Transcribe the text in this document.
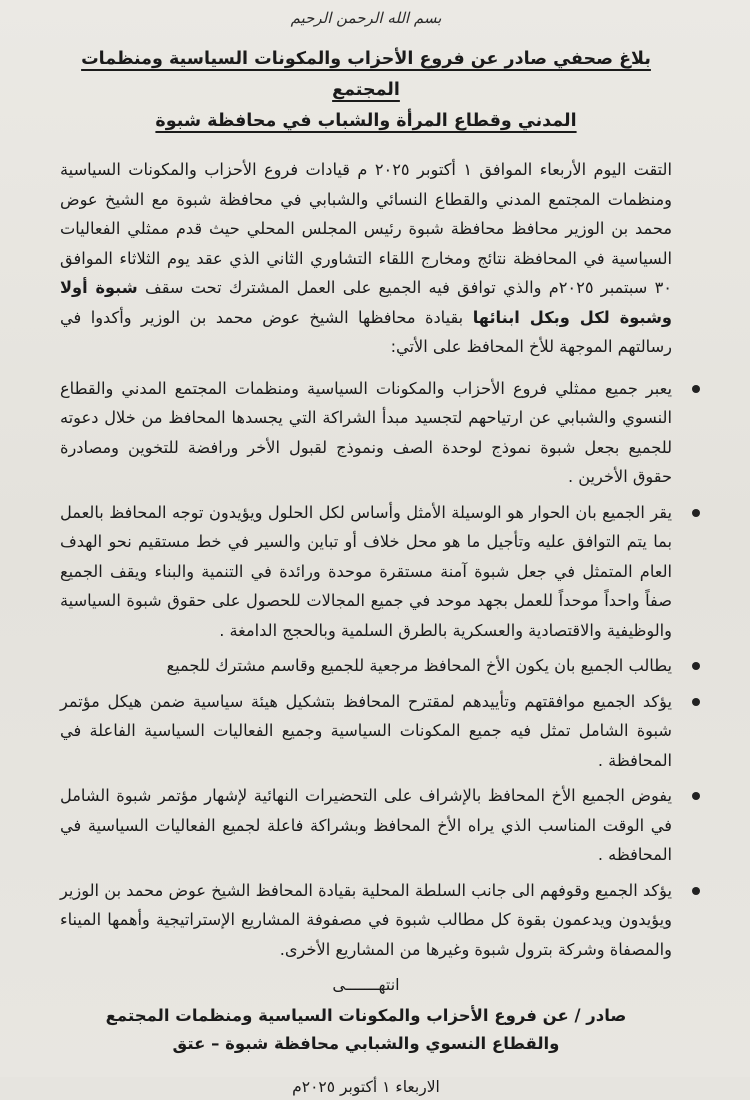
بسم الله الرحمن الرحيم
بلاغ صحفي صادر عن فروع الأحزاب والمكونات السياسية ومنظمات المجتمع
المدني وقطاع المرأة والشباب في محافظة شبوة

التقت اليوم الأربعاء الموافق ١ أكتوبر ٢٠٢٥ م قيادات فروع الأحزاب والمكونات السياسية ومنظمات المجتمع المدني والقطاع النسائي والشبابي في محافظة شبوة مع الشيخ عوض محمد بن الوزير محافظ محافظة شبوة رئيس المجلس المحلي حيث قدم ممثلي الفعاليات السياسية في المحافظة نتائج ومخارج اللقاء التشاوري الثاني الذي عقد يوم الثلاثاء الموافق ٣٠ سبتمبر ٢٠٢٥م والذي توافق فيه الجميع على العمل المشترك تحت سقف شبوة أولا وشبوة لكل وبكل ابنائها بقيادة محافظها الشيخ عوض محمد بن الوزير وأكدوا في رسالتهم الموجهة للأخ المحافظ على الأتي:

يعبر جميع ممثلي فروع الأحزاب والمكونات السياسية ومنظمات المجتمع المدني والقطاع النسوي والشبابي عن ارتياحهم لتجسيد مبدأ الشراكة التي يجسدها المحافظ من خلال دعوته للجميع بجعل شبوة نموذج لوحدة الصف ونموذج لقبول الأخر ورافضة للتخوين ومصادرة حقوق الأخرين .
يقر الجميع بان الحوار هو الوسيلة الأمثل وأساس لكل الحلول ويؤيدون توجه المحافظ بالعمل بما يتم التوافق عليه وتأجيل ما هو محل خلاف أو تباين والسير في خط مستقيم نحو الهدف العام المتمثل في جعل شبوة آمنة مستقرة موحدة ورائدة في التنمية والبناء ويقف الجميع صفاً واحداً موحداً للعمل بجهد موحد في جميع المجالات للحصول على حقوق شبوة السياسية والوظيفية والاقتصادية والعسكرية بالطرق السلمية وبالحجج الدامغة .
يطالب الجميع بان يكون الأخ المحافظ مرجعية للجميع وقاسم مشترك للجميع
يؤكد الجميع موافقتهم وتأييدهم لمقترح المحافظ بتشكيل هيئة سياسية ضمن هيكل مؤتمر شبوة الشامل تمثل فيه جميع المكونات السياسية وجميع الفعاليات السياسية الفاعلة في المحافظة .
يفوض الجميع الأخ المحافظ بالإشراف على التحضيرات النهائية لإشهار مؤتمر شبوة الشامل في الوقت المناسب الذي يراه الأخ المحافظ وبشراكة فاعلة لجميع الفعاليات السياسية في المحافظه .
يؤكد الجميع وقوفهم الى جانب السلطة المحلية بقيادة المحافظ الشيخ عوض محمد بن الوزير ويؤيدون ويدعمون بقوة كل مطالب شبوة في مصفوفة المشاريع الإستراتيجية وأهمها الميناء والمصفاة وشركة بترول شبوة وغيرها من المشاريع الأخرى.
انتهـــــــى
صادر / عن فروع الأحزاب والمكونات السياسية ومنظمات المجتمع
والقطاع النسوي والشبابي محافظة شبوة – عتق
الاربعاء ١ أكتوبر ٢٠٢٥م
